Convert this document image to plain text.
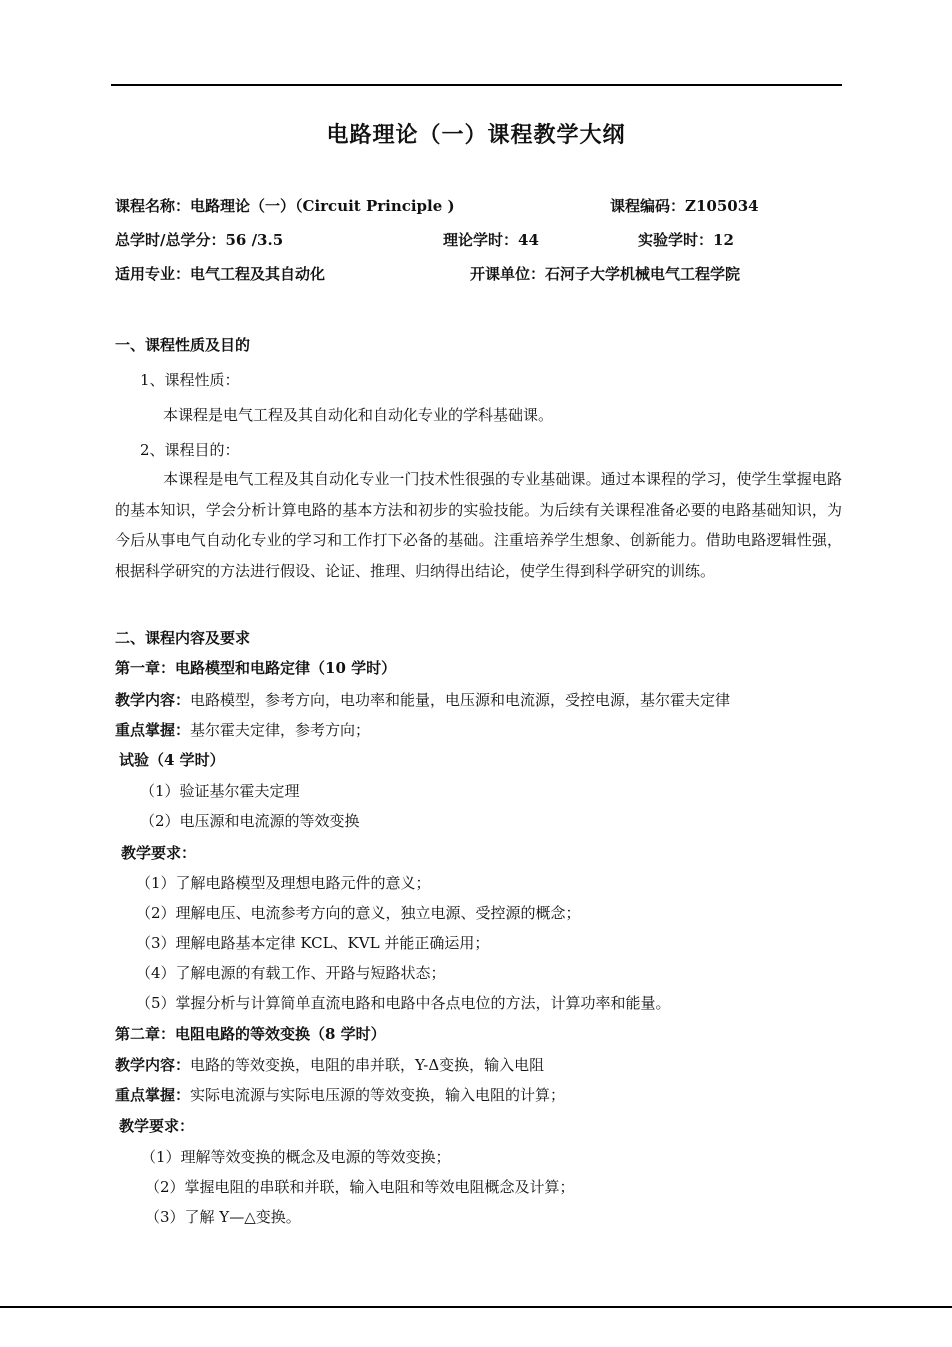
电路理论（一）课程教学大纲
课程名称：电路理论（一）（Circuit Principle )	课程编码：Z105034
总学时/总学分：56 /3.5	理论学时：44	实验学时：12
适用专业：电气工程及其自动化	开课单位：石河子大学机械电气工程学院
一、课程性质及目的
1、课程性质：
本课程是电气工程及其自动化和自动化专业的学科基础课。
2、课程目的：
本课程是电气工程及其自动化专业一门技术性很强的专业基础课。通过本课程的学习，使学生掌握电路的基本知识，学会分析计算电路的基本方法和初步的实验技能。为后续有关课程准备必要的电路基础知识，为今后从事电气自动化专业的学习和工作打下必备的基础。注重培养学生想象、创新能力。借助电路逻辑性强，根据科学研究的方法进行假设、论证、推理、归纳得出结论，使学生得到科学研究的训练。
二、课程内容及要求
第一章：电路模型和电路定律（10 学时）
教学内容：电路模型，参考方向，电功率和能量，电压源和电流源，受控电源，基尔霍夫定律
重点掌握：基尔霍夫定律，参考方向；
试验（4 学时）
（1）验证基尔霍夫定理
（2）电压源和电流源的等效变换
教学要求：
（1）了解电路模型及理想电路元件的意义；
（2）理解电压、电流参考方向的意义，独立电源、受控源的概念；
（3）理解电路基本定律 KCL、KVL 并能正确运用；
（4）了解电源的有载工作、开路与短路状态；
（5）掌握分析与计算简单直流电路和电路中各点电位的方法，计算功率和能量。
第二章：电阻电路的等效变换（8 学时）
教学内容：电路的等效变换，电阻的串并联，Y-Δ变换，输入电阻
重点掌握：实际电流源与实际电压源的等效变换，输入电阻的计算；
教学要求：
（1）理解等效变换的概念及电源的等效变换；
（2）掌握电阻的串联和并联，输入电阻和等效电阻概念及计算；
（3）了解 Y—△变换。
